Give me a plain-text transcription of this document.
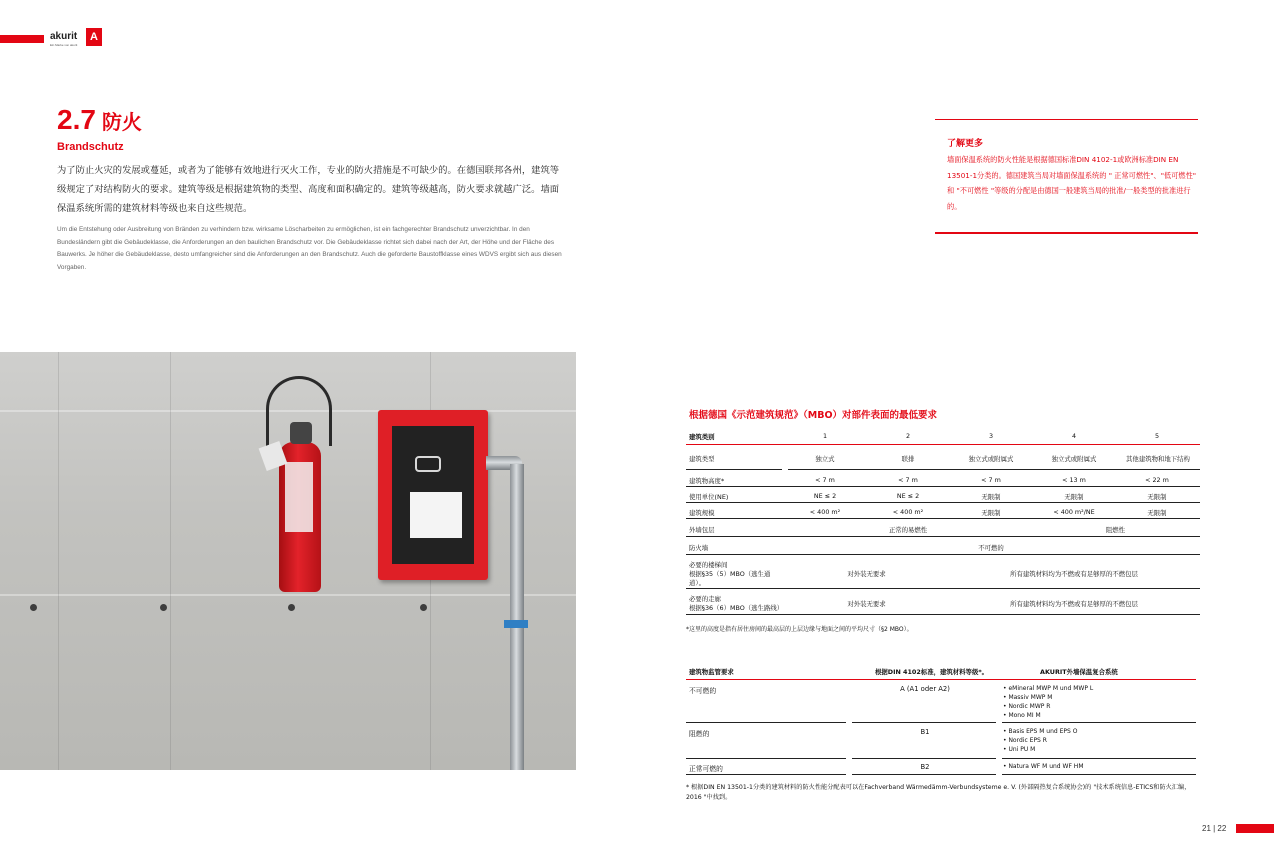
akurit
Ein Marke von akurit
A
2.7 防火
Brandschutz

为了防止火灾的发展或蔓延，或者为了能够有效地进行灭火工作，专业的防火措施是不可缺少的。在德国联邦各州，建筑等级规定了对结构防火的要求。建筑等级是根据建筑物的类型、高度和面积确定的。建筑等级越高，防火要求就越广泛。墙面保温系统所需的建筑材料等级也来自这些规范。

Um die Entstehung oder Ausbreitung von Bränden zu verhindern bzw. wirksame Löscharbeiten zu ermöglichen, ist ein fachgerechter Brandschutz unverzichtbar. In den Bundesländern gibt die Gebäudeklasse, die Anforderungen an den baulichen Brandschutz vor. Die Gebäudeklasse richtet sich dabei nach der Art, der Höhe und der Fläche des Bauwerks. Je höher die Gebäudeklasse, desto umfangreicher sind die Anforderungen an den Brandschutz. Auch die geforderte Baustoffklasse eines WDVS ergibt sich aus diesen Vorgaben.

了解更多
墙面保温系统的防火性能是根据德国标准DIN 4102-1或欧洲标准DIN EN 13501-1分类的。德国建筑当局对墙面保温系统的 " 正常可燃性"、"低可燃性" 和 "不可燃性 "等级的分配是由德国一般建筑当局的批准/一般类型的批准进行的。
根据德国《示范建筑规范》（MBO）对部件表面的最低要求
建筑类别	1	2	3	4	5
建筑类型	独立式	联排	独立式或附属式	独立式或附属式	其他建筑物和地下结构
建筑物高度*	< 7 m	< 7 m	< 7 m	< 13 m	< 22 m
使用单位(NE)	NE ≤ 2	NE ≤ 2	无限制	无限制	无限制
建筑规模	< 400 m²	< 400 m²	无限制	< 400 m²/NE	无限制
外墙包层	正常的易燃性	阻燃性
防火墙	不可燃的
必要的楼梯间
根据§35（5）MBO（逃生通
道）。
对外装无要求	所有建筑材料均为不燃或有足够厚的不燃包层
必要的走廊
根据§36（6）MBO（逃生路线）	对外装无要求	所有建筑材料均为不燃或有足够厚的不燃包层
*这里的高度是指有居住房间的最高层的上层边缘与地面之间的平均尺寸（§2 MBO）。
建筑物监管要求	根据DIN 4102标准，建筑材料等级*。	AKURIT外墙保温复合系统
不可燃的	A (A1 oder A2)	• eMineral MWP M und MWP L
• Massiv MWP M
• Nordic MWP R
• Mono MI M
阻燃的	B1	• Basis EPS M und EPS O
• Nordic EPS R
• Uni PU M
正常可燃的	B2	• Natura WF M und WF HM
* 根据DIN EN 13501-1分类的建筑材料的防火性能分配表可以在Fachverband Wärmedämm-Verbundsysteme e. V. (外部隔热复合系统协会)的 "技术系统信息-ETICS和防火汇编，2016 "中找到。
21 | 22
